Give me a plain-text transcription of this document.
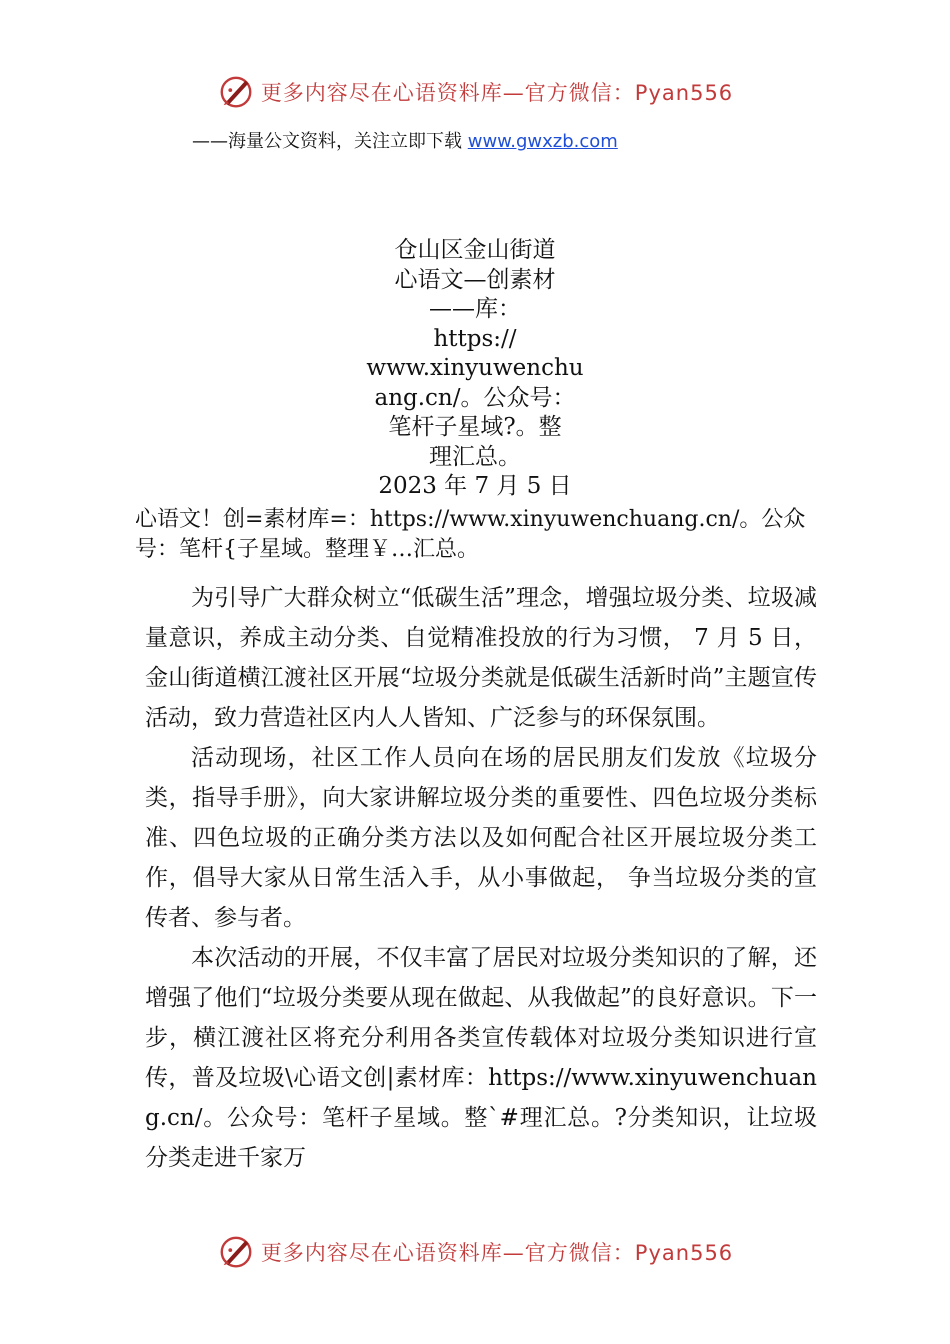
更多内容尽在心语资料库—官方微信：Pyan556
——海量公文资料，关注立即下载 www.gwxzb.com
仓山区金山街道
心语文—创素材
——库：
https://
www.xinyuwenchu
ang.cn/。公众号：
笔杆子星域?。整
理汇总。
2023 年 7 月 5 日
心语文！创=素材库=：https://www.xinyuwenchuang.cn/。公众号：笔杆{子星域。整理￥…汇总。

为引导广大群众树立“低碳生活”理念，增强垃圾分类、垃圾减量意识，养成主动分类、自觉精准投放的行为习惯， 7 月 5 日，金山街道横江渡社区开展“垃圾分类就是低碳生活新时尚”主题宣传活动，致力营造社区内人人皆知、广泛参与的环保氛围。

活动现场，社区工作人员向在场的居民朋友们发放《垃圾分类，指导手册》，向大家讲解垃圾分类的重要性、四色垃圾分类标准、四色垃圾的正确分类方法以及如何配合社区开展垃圾分类工作，倡导大家从日常生活入手，从小事做起， 争当垃圾分类的宣传者、参与者。

本次活动的开展，不仅丰富了居民对垃圾分类知识的了解，还增强了他们“垃圾分类要从现在做起、从我做起”的良好意识。下一步，横江渡社区将充分利用各类宣传载体对垃圾分类知识进行宣传，普及垃圾\心语文创|素材库：https://www.xinyuwenchuang.cn/。公众号：笔杆子星域。整`#理汇总。?分类知识，让垃圾分类走进千家万

更多内容尽在心语资料库—官方微信：Pyan556
